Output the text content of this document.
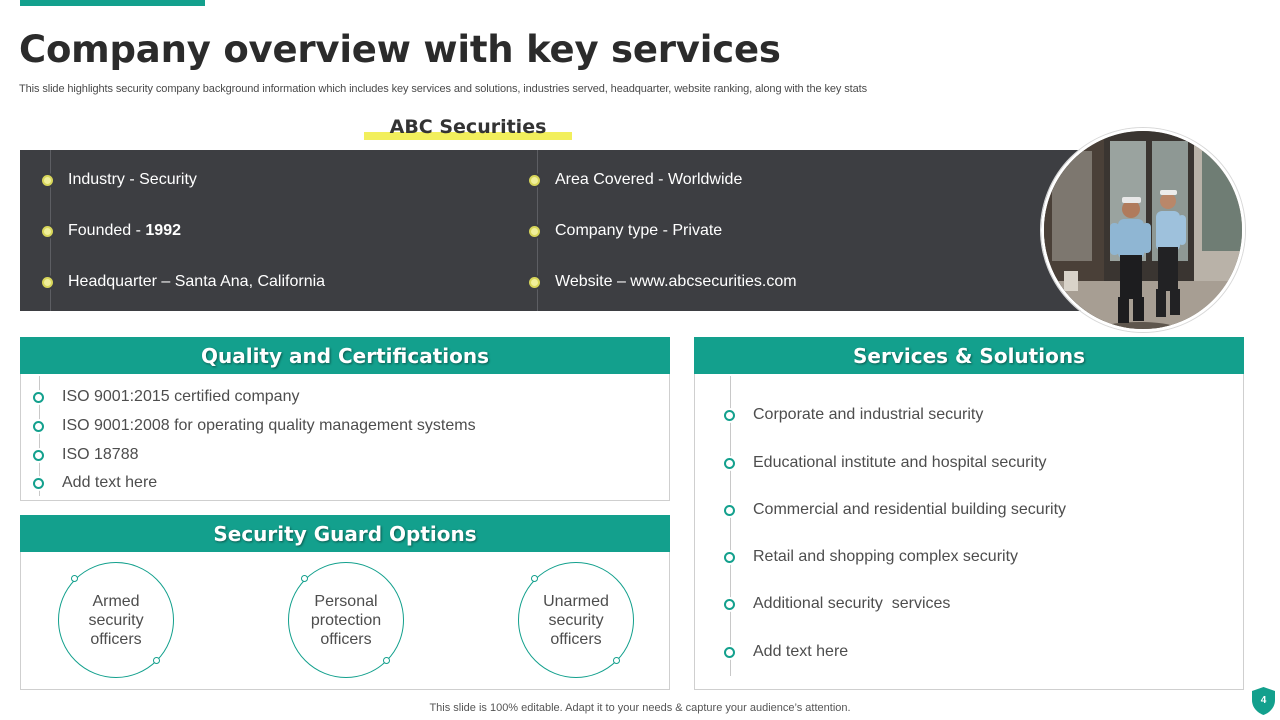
Company overview with key services

This slide highlights security company background information which includes key services and solutions, industries served, headquarter, website ranking, along with the key stats

ABC Securities
Industry - Security
Founded - 1992
Headquarter – Santa Ana, California
Area Covered - Worldwide
Company type - Private
Website – www.abcsecurities.com
Quality and Certifications
ISO 9001:2015 certified company
ISO 9001:2008 for operating quality management systems
ISO 18788
Add text here
Security Guard Options
Armed
security
officers
Personal
protection
officers
Unarmed
security
officers
Services & Solutions
Corporate and industrial security
Educational institute and hospital security
Commercial and residential building security
Retail and shopping complex security
Additional security  services
Add text here
This slide is 100% editable. Adapt it to your needs & capture your audience’s attention.
4
